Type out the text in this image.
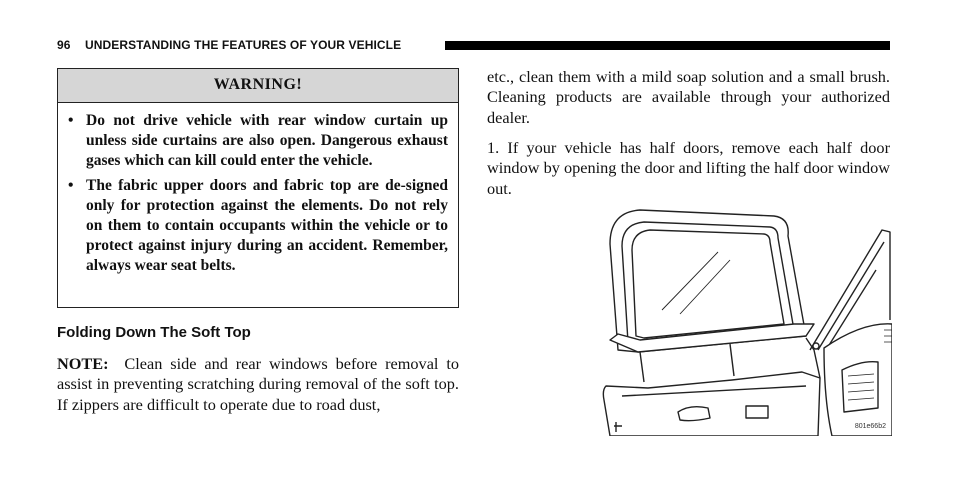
96 UNDERSTANDING THE FEATURES OF YOUR VEHICLE
WARNING!
• Do not drive vehicle with rear window curtain up unless side curtains are also open. Dangerous exhaust gases which can kill could enter the vehicle.
• The fabric upper doors and fabric top are de-signed only for protection against the elements. Do not rely on them to contain occupants within the vehicle or to protect against injury during an accident. Remember, always wear seat belts.
Folding Down The Soft Top

NOTE: Clean side and rear windows before removal to assist in preventing scratching during removal of the soft top. If zippers are difficult to operate due to road dust,

etc., clean them with a mild soap solution and a small brush. Cleaning products are available through your authorized dealer.

1. If your vehicle has half doors, remove each half door window by opening the door and lifting the half door window out.

801e66b2
